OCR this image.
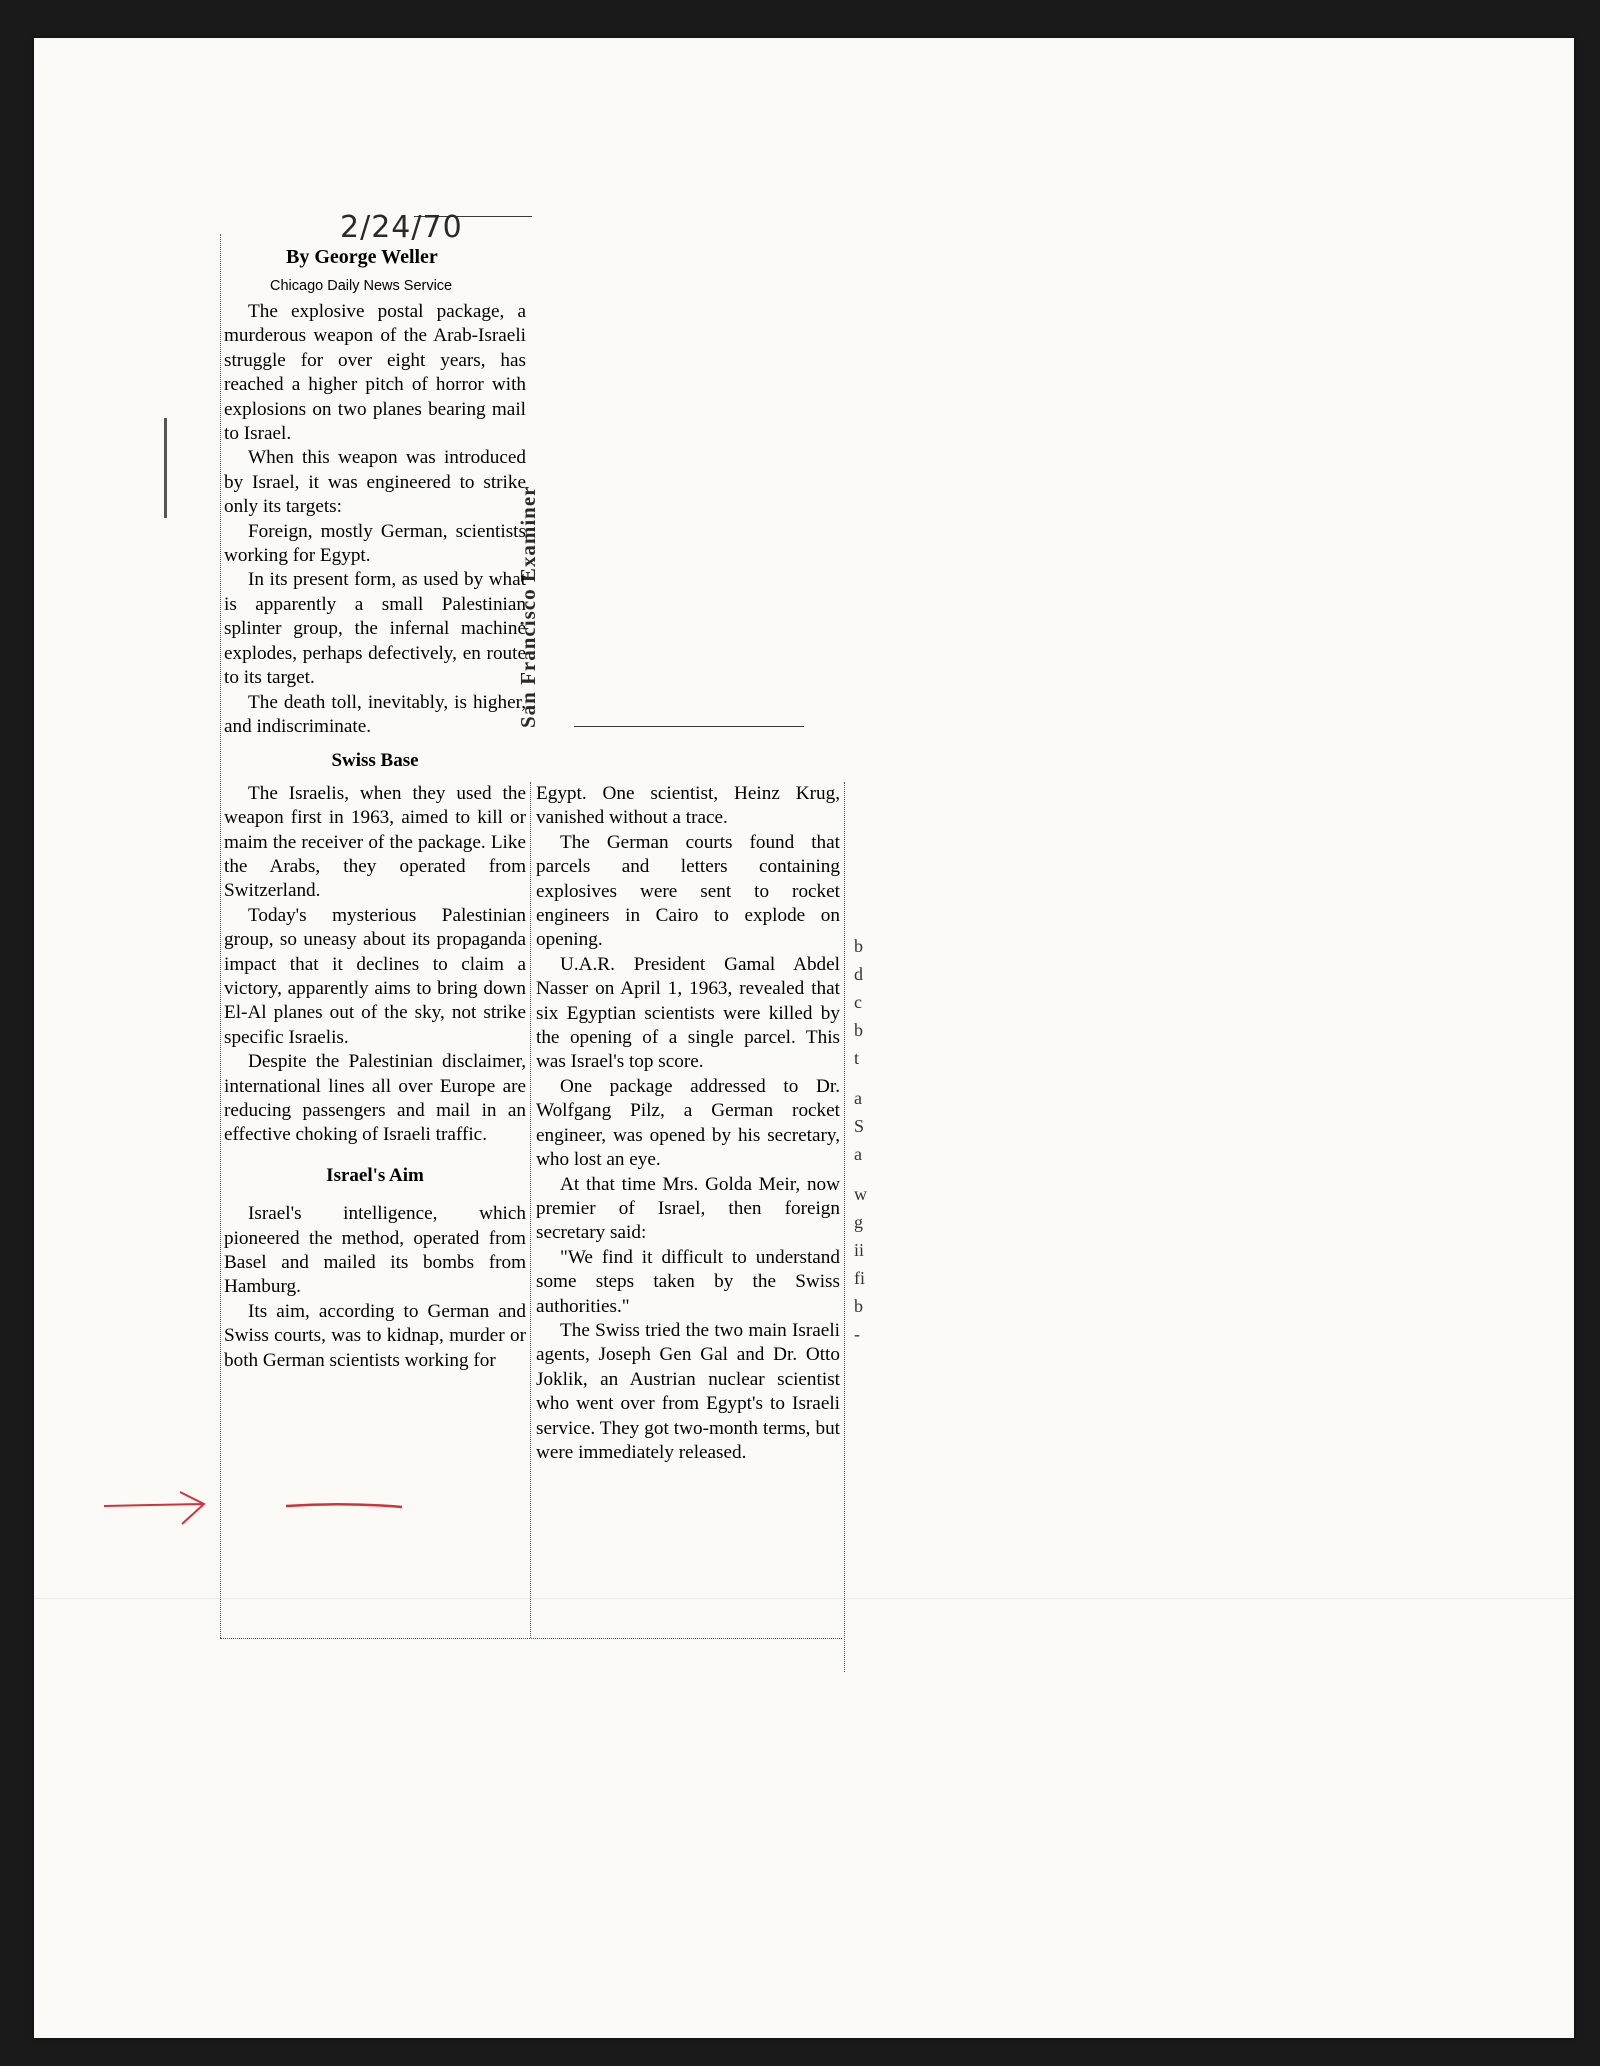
2/24/70
By George Weller
Chicago Daily News Service
San Francisco Examiner

The explosive postal package, a murderous weapon of the Arab-Israeli struggle for over eight years, has reached a higher pitch of horror with explosions on two planes bearing mail to Israel.

When this weapon was introduced by Israel, it was engineered to strike only its targets:

Foreign, mostly German, scientists working for Egypt.

In its present form, as used by what is apparently a small Palestinian splinter group, the infernal machine explodes, perhaps defectively, en route to its target.

The death toll, inevitably, is higher, and indiscriminate.

Swiss Base

The Israelis, when they used the weapon first in 1963, aimed to kill or maim the receiver of the package. Like the Arabs, they operated from Switzerland.

Today's mysterious Palestinian group, so uneasy about its propaganda impact that it declines to claim a victory, apparently aims to bring down El-Al planes out of the sky, not strike specific Israelis.

Despite the Palestinian disclaimer, international lines all over Europe are reducing passengers and mail in an effective choking of Israeli traffic.

Israel's Aim

Israel's intelligence, which pioneered the method, operated from Basel and mailed its bombs from Hamburg.

Its aim, according to German and Swiss courts, was to kidnap, murder or both German scientists working for

Egypt. One scientist, Heinz Krug, vanished without a trace.

The German courts found that parcels and letters containing explosives were sent to rocket engineers in Cairo to explode on opening.

U.A.R. President Gamal Abdel Nasser on April 1, 1963, revealed that six Egyptian scientists were killed by the opening of a single parcel. This was Israel's top score.

One package addressed to Dr. Wolfgang Pilz, a German rocket engineer, was opened by his secretary, who lost an eye.

At that time Mrs. Golda Meir, now premier of Israel, then foreign secretary said:

"We find it difficult to understand some steps taken by the Swiss authorities."

The Swiss tried the two main Israeli agents, Joseph Gen Gal and Dr. Otto Joklik, an Austrian nuclear scientist who went over from Egypt's to Israeli service. They got two-month terms, but were immediately released.

b
d
c
b
t
a
S
a
w
g
ii
fi
b
-
